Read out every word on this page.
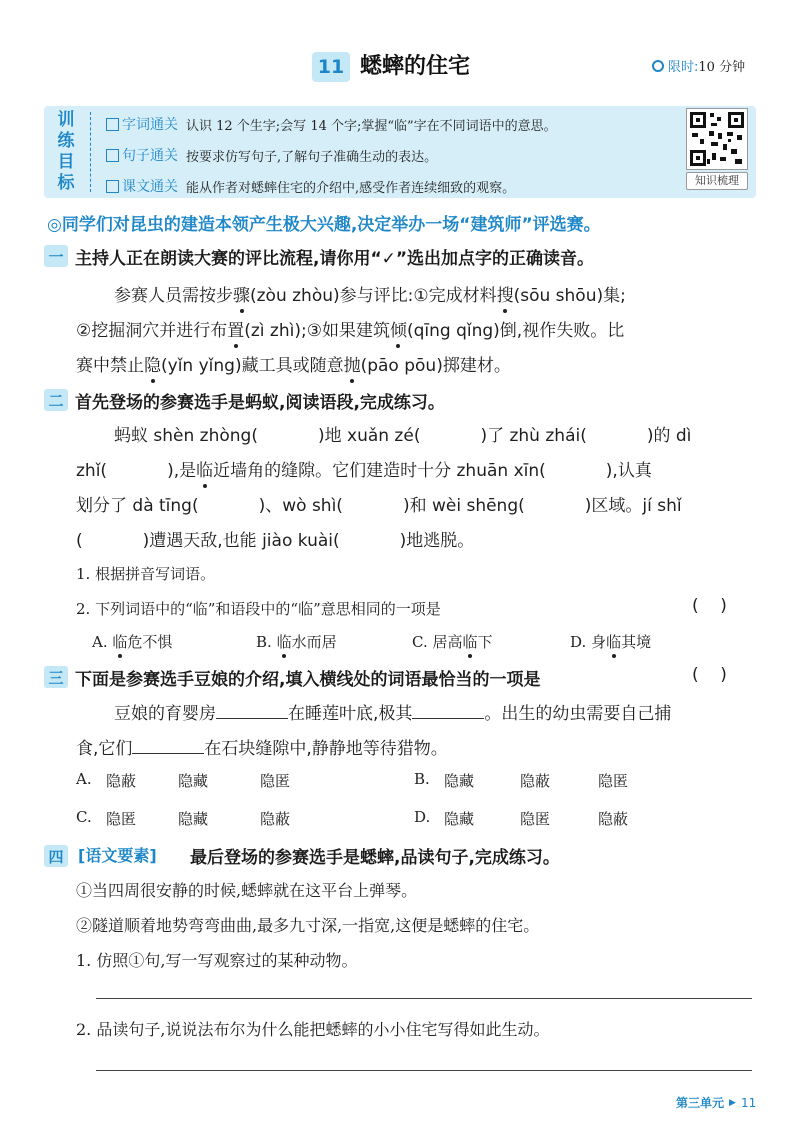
11 蟋蟀的住宅	限时: 10 分钟
训
练
目
标
字词通关 认识 12 个生字;会写 14 个字;掌握“临”字在不同词语中的意思。
句子通关 按要求仿写句子,了解句子准确生动的表达。
课文通关 能从作者对蟋蟀住宅的介绍中,感受作者连续细致的观察。	知识梳理
◎同学们对昆虫的建造本领产生极大兴趣,决定举办一场“建筑师”评选赛。
一 主持人正在朗读大赛的评比流程,请你用“✓”选出加点字的正确读音。
参赛人员需按步骤(zòu zhòu)参与评比:①完成材料搜(sōu shōu)集;
②挖掘洞穴并进行布置(zì zhì);③如果建筑倾(qīng qǐng)倒,视作失败。比
赛中禁止隐(yǐn yǐng)藏工具或随意抛(pāo pōu)掷建材。
二 首先登场的参赛选手是蚂蚁,阅读语段,完成练习。
蚂蚁 shèn zhòng(	)地 xuǎn zé(	)了 zhù zhái(	)的 dì
zhǐ(	),是临近墙角的缝隙。它们建造时十分 zhuān xīn(	),认真
划分了 dà tīng(	)、wò shì(	)和 wèi shēng(	)区域。jí shǐ
(	)遭遇天敌,也能 jiào kuài(	)地逃脱。
1. 根据拼音写词语。
2. 下列词语中的“临”和语段中的“临”意思相同的一项是	(    )
A. 临危不惧	B. 临水而居	C. 居高临下	D. 身临其境
三 下面是参赛选手豆娘的介绍,填入横线处的词语最恰当的一项是	(    )
豆娘的育婴房	在睡莲叶底,极其	。出生的幼虫需要自己捕
食,它们	在石块缝隙中,静静地等待猎物。
A. 隐蔽	隐藏	隐匿	B. 隐藏	隐蔽	隐匿
C. 隐匿	隐藏	隐蔽	D. 隐藏	隐匿	隐蔽
四 [语文要素] 最后登场的参赛选手是蟋蟀,品读句子,完成练习。
①当四周很安静的时候,蟋蟀就在这平台上弹琴。
②隧道顺着地势弯弯曲曲,最多九寸深,一指宽,这便是蟋蟀的住宅。
1. 仿照①句,写一写观察过的某种动物。
2. 品读句子,说说法布尔为什么能把蟋蟀的小小住宅写得如此生动。
第三单元 ▶ 11
